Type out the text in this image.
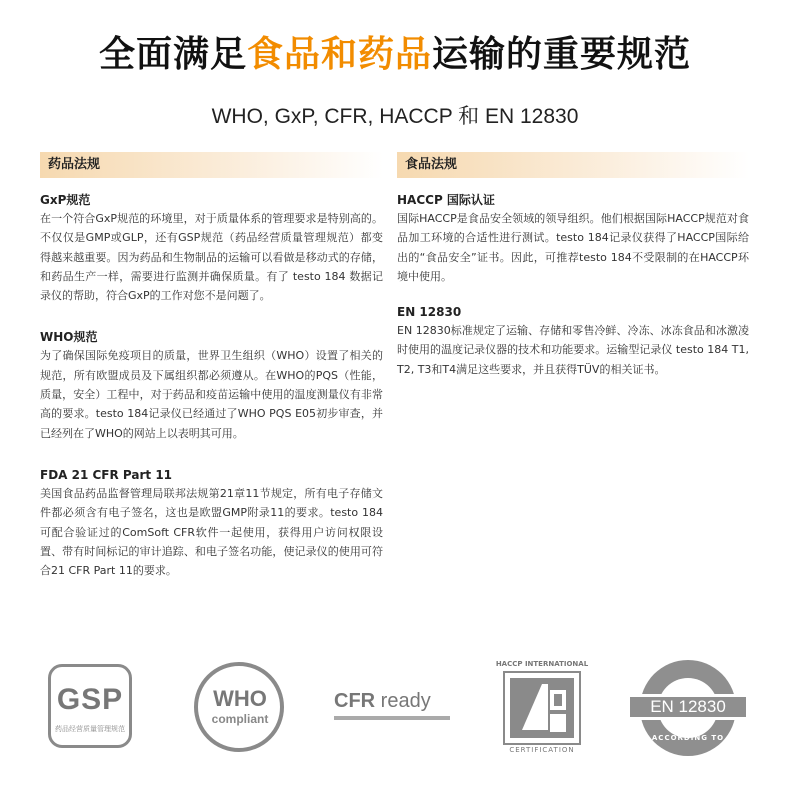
全面满足食品和药品运输的重要规范
WHO, GxP, CFR, HACCP 和 EN 12830
药品法规
GxP规范

在一个符合GxP规范的环境里，对于质量体系的管理要求是特别高的。不仅仅是GMP或GLP，还有GSP规范（药品经营质量管理规范）都变得越来越重要。因为药品和生物制品的运输可以看做是移动式的存储，和药品生产一样，需要进行监测并确保质量。有了 testo 184 数据记录仪的帮助，符合GxP的工作对您不是问题了。

WHO规范

为了确保国际免疫项目的质量，世界卫生组织（WHO）设置了相关的规范，所有欧盟成员及下属组织都必须遵从。在WHO的PQS（性能，质量，安全）工程中，对于药品和疫苗运输中使用的温度测量仪有非常高的要求。testo 184记录仪已经通过了WHO PQS E05初步审查，并已经列在了WHO的网站上以表明其可用。

FDA 21 CFR Part 11

美国食品药品监督管理局联邦法规第21章11节规定，所有电子存储文件都必须含有电子签名，这也是欧盟GMP附录11的要求。testo 184 可配合验证过的ComSoft CFR软件一起使用，获得用户访问权限设置、带有时间标记的审计追踪、和电子签名功能，使记录仪的使用可符合21 CFR Part 11的要求。

食品法规
HACCP 国际认证

国际HACCP是食品安全领域的领导组织。他们根据国际HACCP规范对食品加工环境的合适性进行测试。testo 184记录仪获得了HACCP国际给出的“食品安全”证书。因此，可推荐testo 184不受限制的在HACCP环境中使用。

EN 12830

EN 12830标准规定了运输、存储和零售冷鲜、冷冻、冰冻食品和冰激凌时使用的温度记录仪器的技术和功能要求。运输型记录仪 testo 184 T1, T2, T3和T4满足这些要求，并且获得TÜV的相关证书。

GSP
药品经营质量管理规范
WHO
compliant
CFR ready
HACCP INTERNATIONAL
CERTIFICATION
EN 12830
ACCORDING TO
